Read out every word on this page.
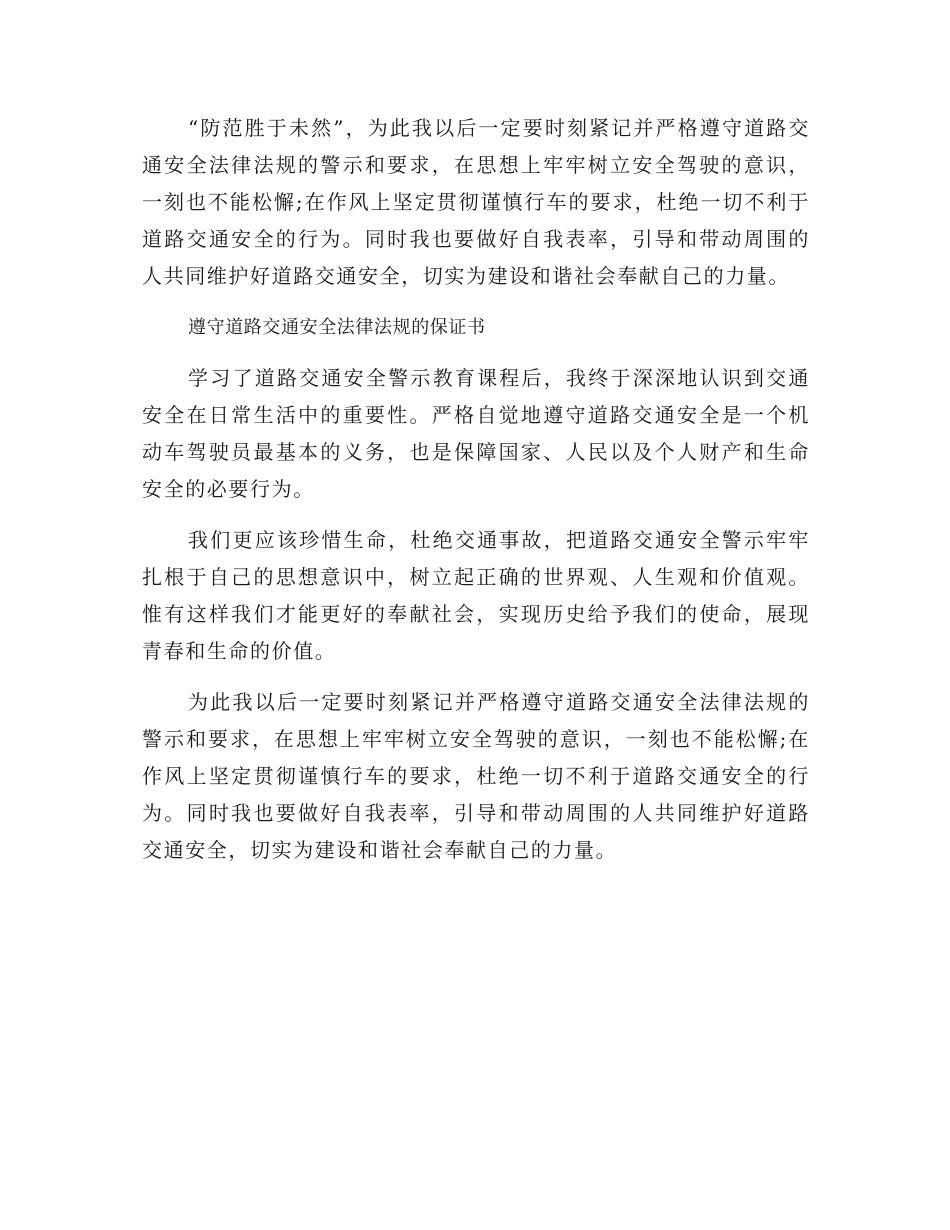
“防范胜于未然”，为此我以后一定要时刻紧记并严格遵守道路交通安全法律法规的警示和要求，在思想上牢牢树立安全驾驶的意识，一刻也不能松懈;在作风上坚定贯彻谨慎行车的要求，杜绝一切不利于道路交通安全的行为。同时我也要做好自我表率，引导和带动周围的人共同维护好道路交通安全，切实为建设和谐社会奉献自己的力量。

遵守道路交通安全法律法规的保证书

学习了道路交通安全警示教育课程后，我终于深深地认识到交通安全在日常生活中的重要性。严格自觉地遵守道路交通安全是一个机动车驾驶员最基本的义务，也是保障国家、人民以及个人财产和生命安全的必要行为。

我们更应该珍惜生命，杜绝交通事故，把道路交通安全警示牢牢扎根于自己的思想意识中，树立起正确的世界观、人生观和价值观。惟有这样我们才能更好的奉献社会，实现历史给予我们的使命，展现青春和生命的价值。

为此我以后一定要时刻紧记并严格遵守道路交通安全法律法规的警示和要求，在思想上牢牢树立安全驾驶的意识，一刻也不能松懈;在作风上坚定贯彻谨慎行车的要求，杜绝一切不利于道路交通安全的行为。同时我也要做好自我表率，引导和带动周围的人共同维护好道路交通安全，切实为建设和谐社会奉献自己的力量。
